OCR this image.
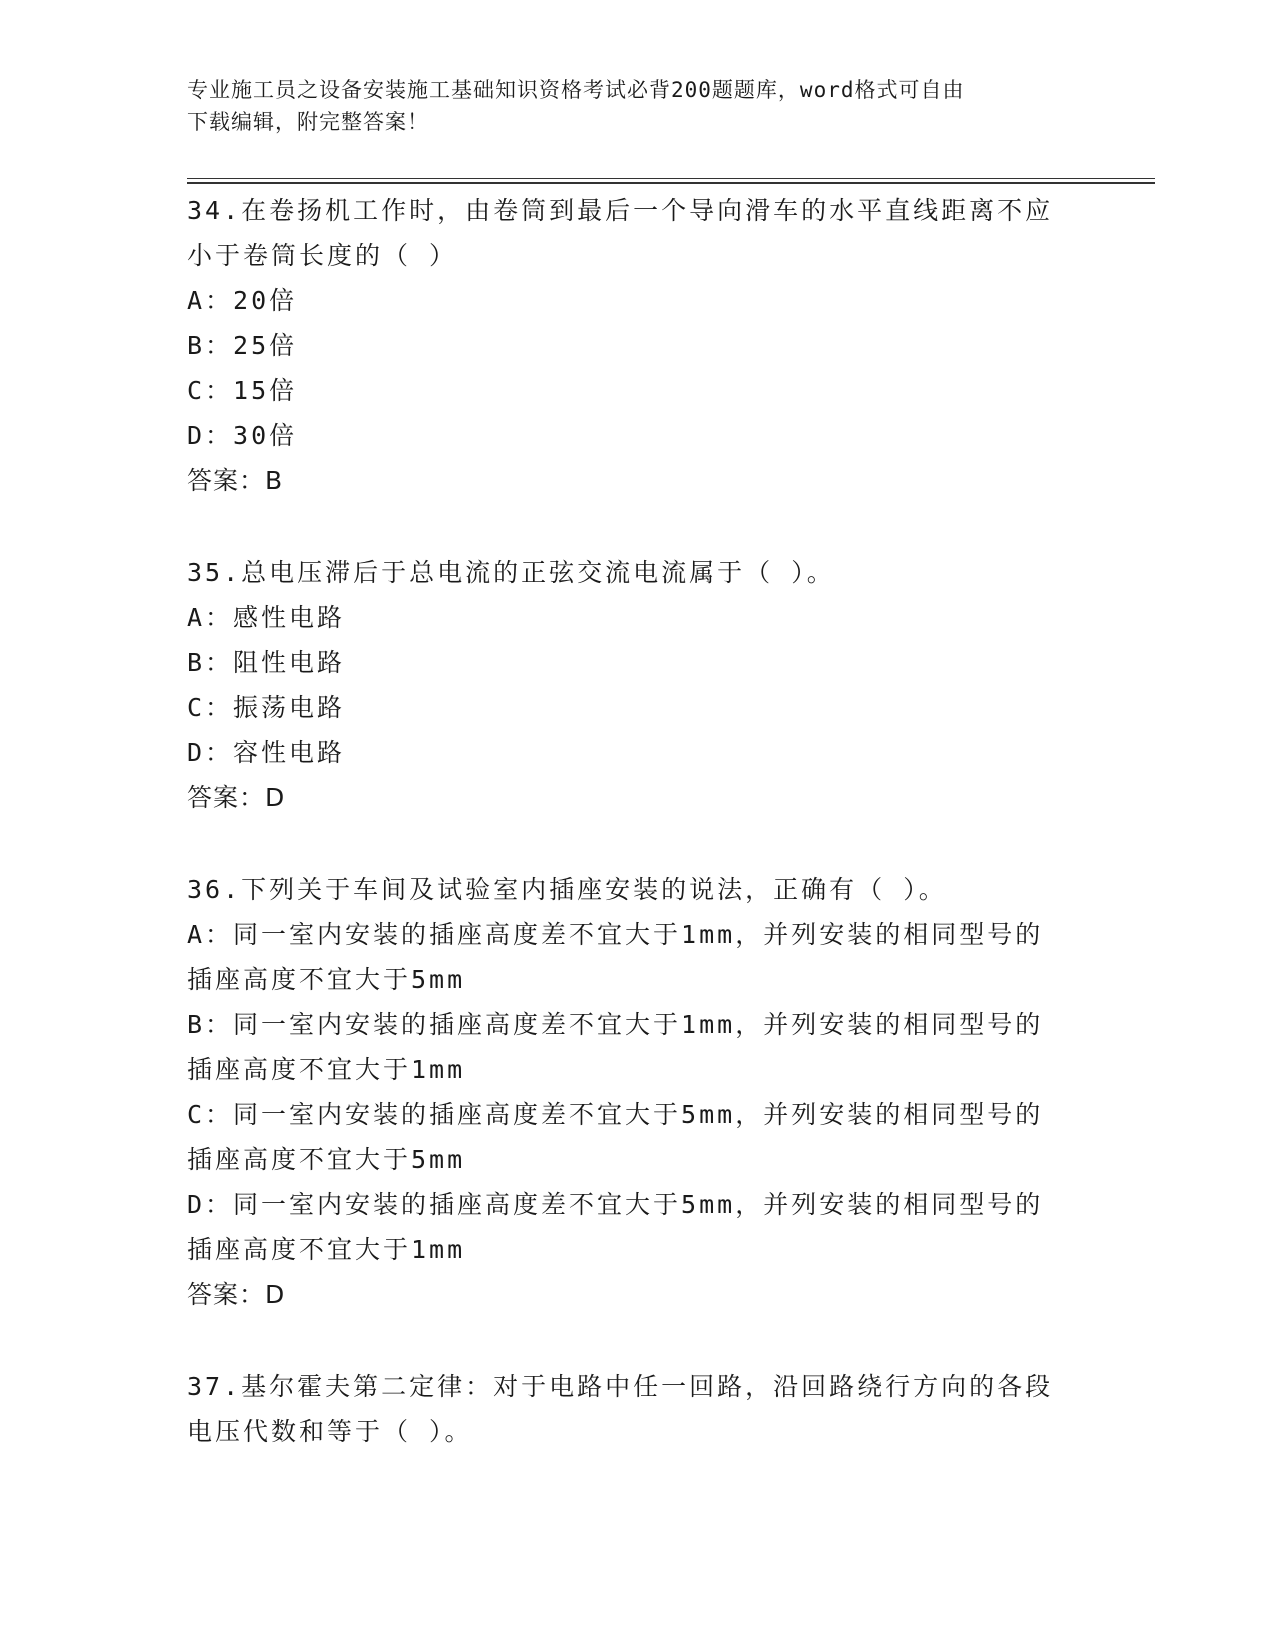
专业施工员之设备安装施工基础知识资格考试必背200题题库，word格式可自由
下载编辑，附完整答案！
34.在卷扬机工作时，由卷筒到最后一个导向滑车的水平直线距离不应
小于卷筒长度的（ ）
A：20倍
B：25倍
C：15倍
D：30倍
答案：B
35.总电压滞后于总电流的正弦交流电流属于（ ）。
A：感性电路
B：阻性电路
C：振荡电路
D：容性电路
答案：D
36.下列关于车间及试验室内插座安装的说法，正确有（ ）。
A：同一室内安装的插座高度差不宜大于1mm，并列安装的相同型号的
插座高度不宜大于5mm
B：同一室内安装的插座高度差不宜大于1mm，并列安装的相同型号的
插座高度不宜大于1mm
C：同一室内安装的插座高度差不宜大于5mm，并列安装的相同型号的
插座高度不宜大于5mm
D：同一室内安装的插座高度差不宜大于5mm，并列安装的相同型号的
插座高度不宜大于1mm
答案：D
37.基尔霍夫第二定律：对于电路中任一回路，沿回路绕行方向的各段
电压代数和等于（ ）。
